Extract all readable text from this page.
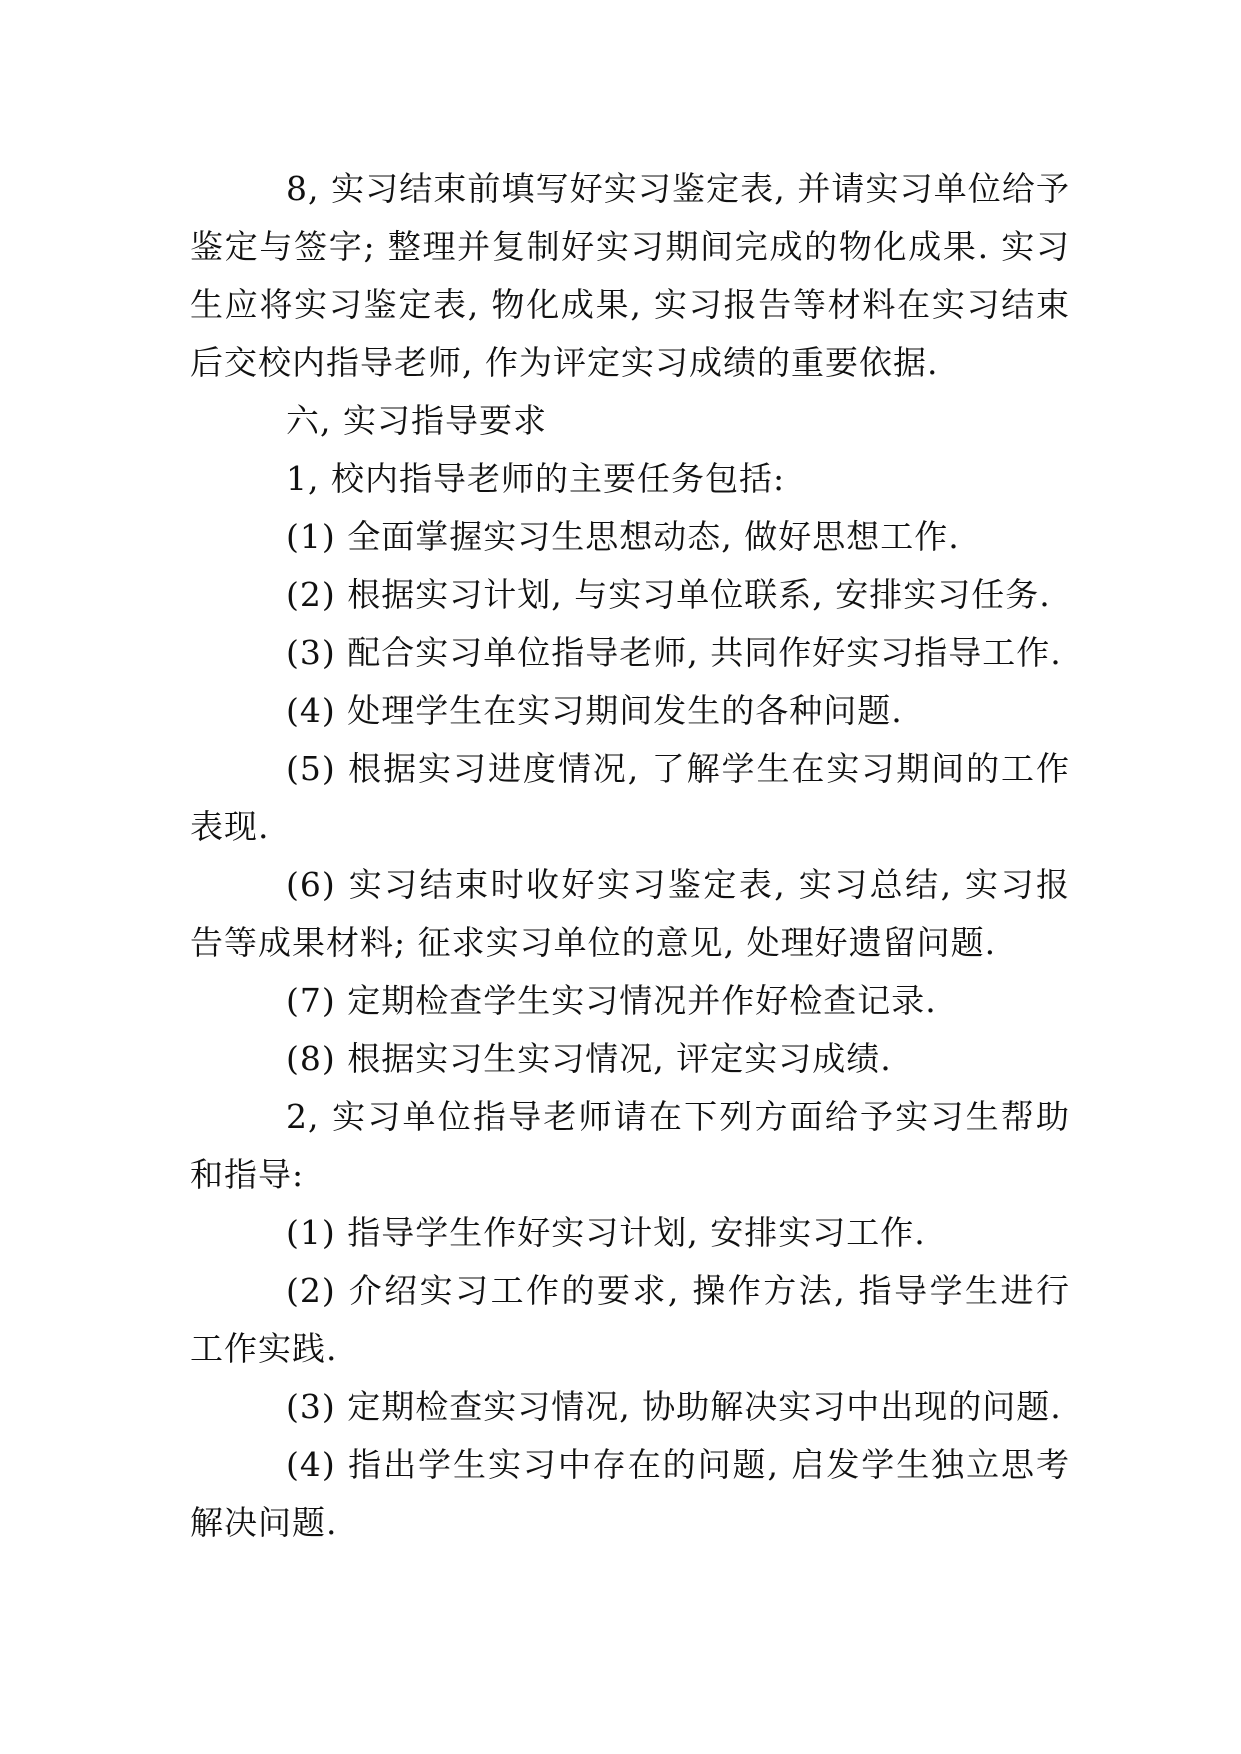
8, 实习结束前填写好实习鉴定表, 并请实习单位给予鉴定与签字; 整理并复制好实习期间完成的物化成果. 实习生应将实习鉴定表, 物化成果, 实习报告等材料在实习结束后交校内指导老师, 作为评定实习成绩的重要依据.

六, 实习指导要求

1, 校内指导老师的主要任务包括:

(1) 全面掌握实习生思想动态, 做好思想工作.

(2) 根据实习计划, 与实习单位联系, 安排实习任务.

(3) 配合实习单位指导老师, 共同作好实习指导工作.

(4) 处理学生在实习期间发生的各种问题.

(5) 根据实习进度情况, 了解学生在实习期间的工作表现.

(6) 实习结束时收好实习鉴定表, 实习总结, 实习报告等成果材料; 征求实习单位的意见, 处理好遗留问题.

(7) 定期检查学生实习情况并作好检查记录.

(8) 根据实习生实习情况, 评定实习成绩.

2, 实习单位指导老师请在下列方面给予实习生帮助和指导:

(1) 指导学生作好实习计划, 安排实习工作.

(2) 介绍实习工作的要求, 操作方法, 指导学生进行工作实践.

(3) 定期检查实习情况, 协助解决实习中出现的问题.

(4) 指出学生实习中存在的问题, 启发学生独立思考解决问题.
